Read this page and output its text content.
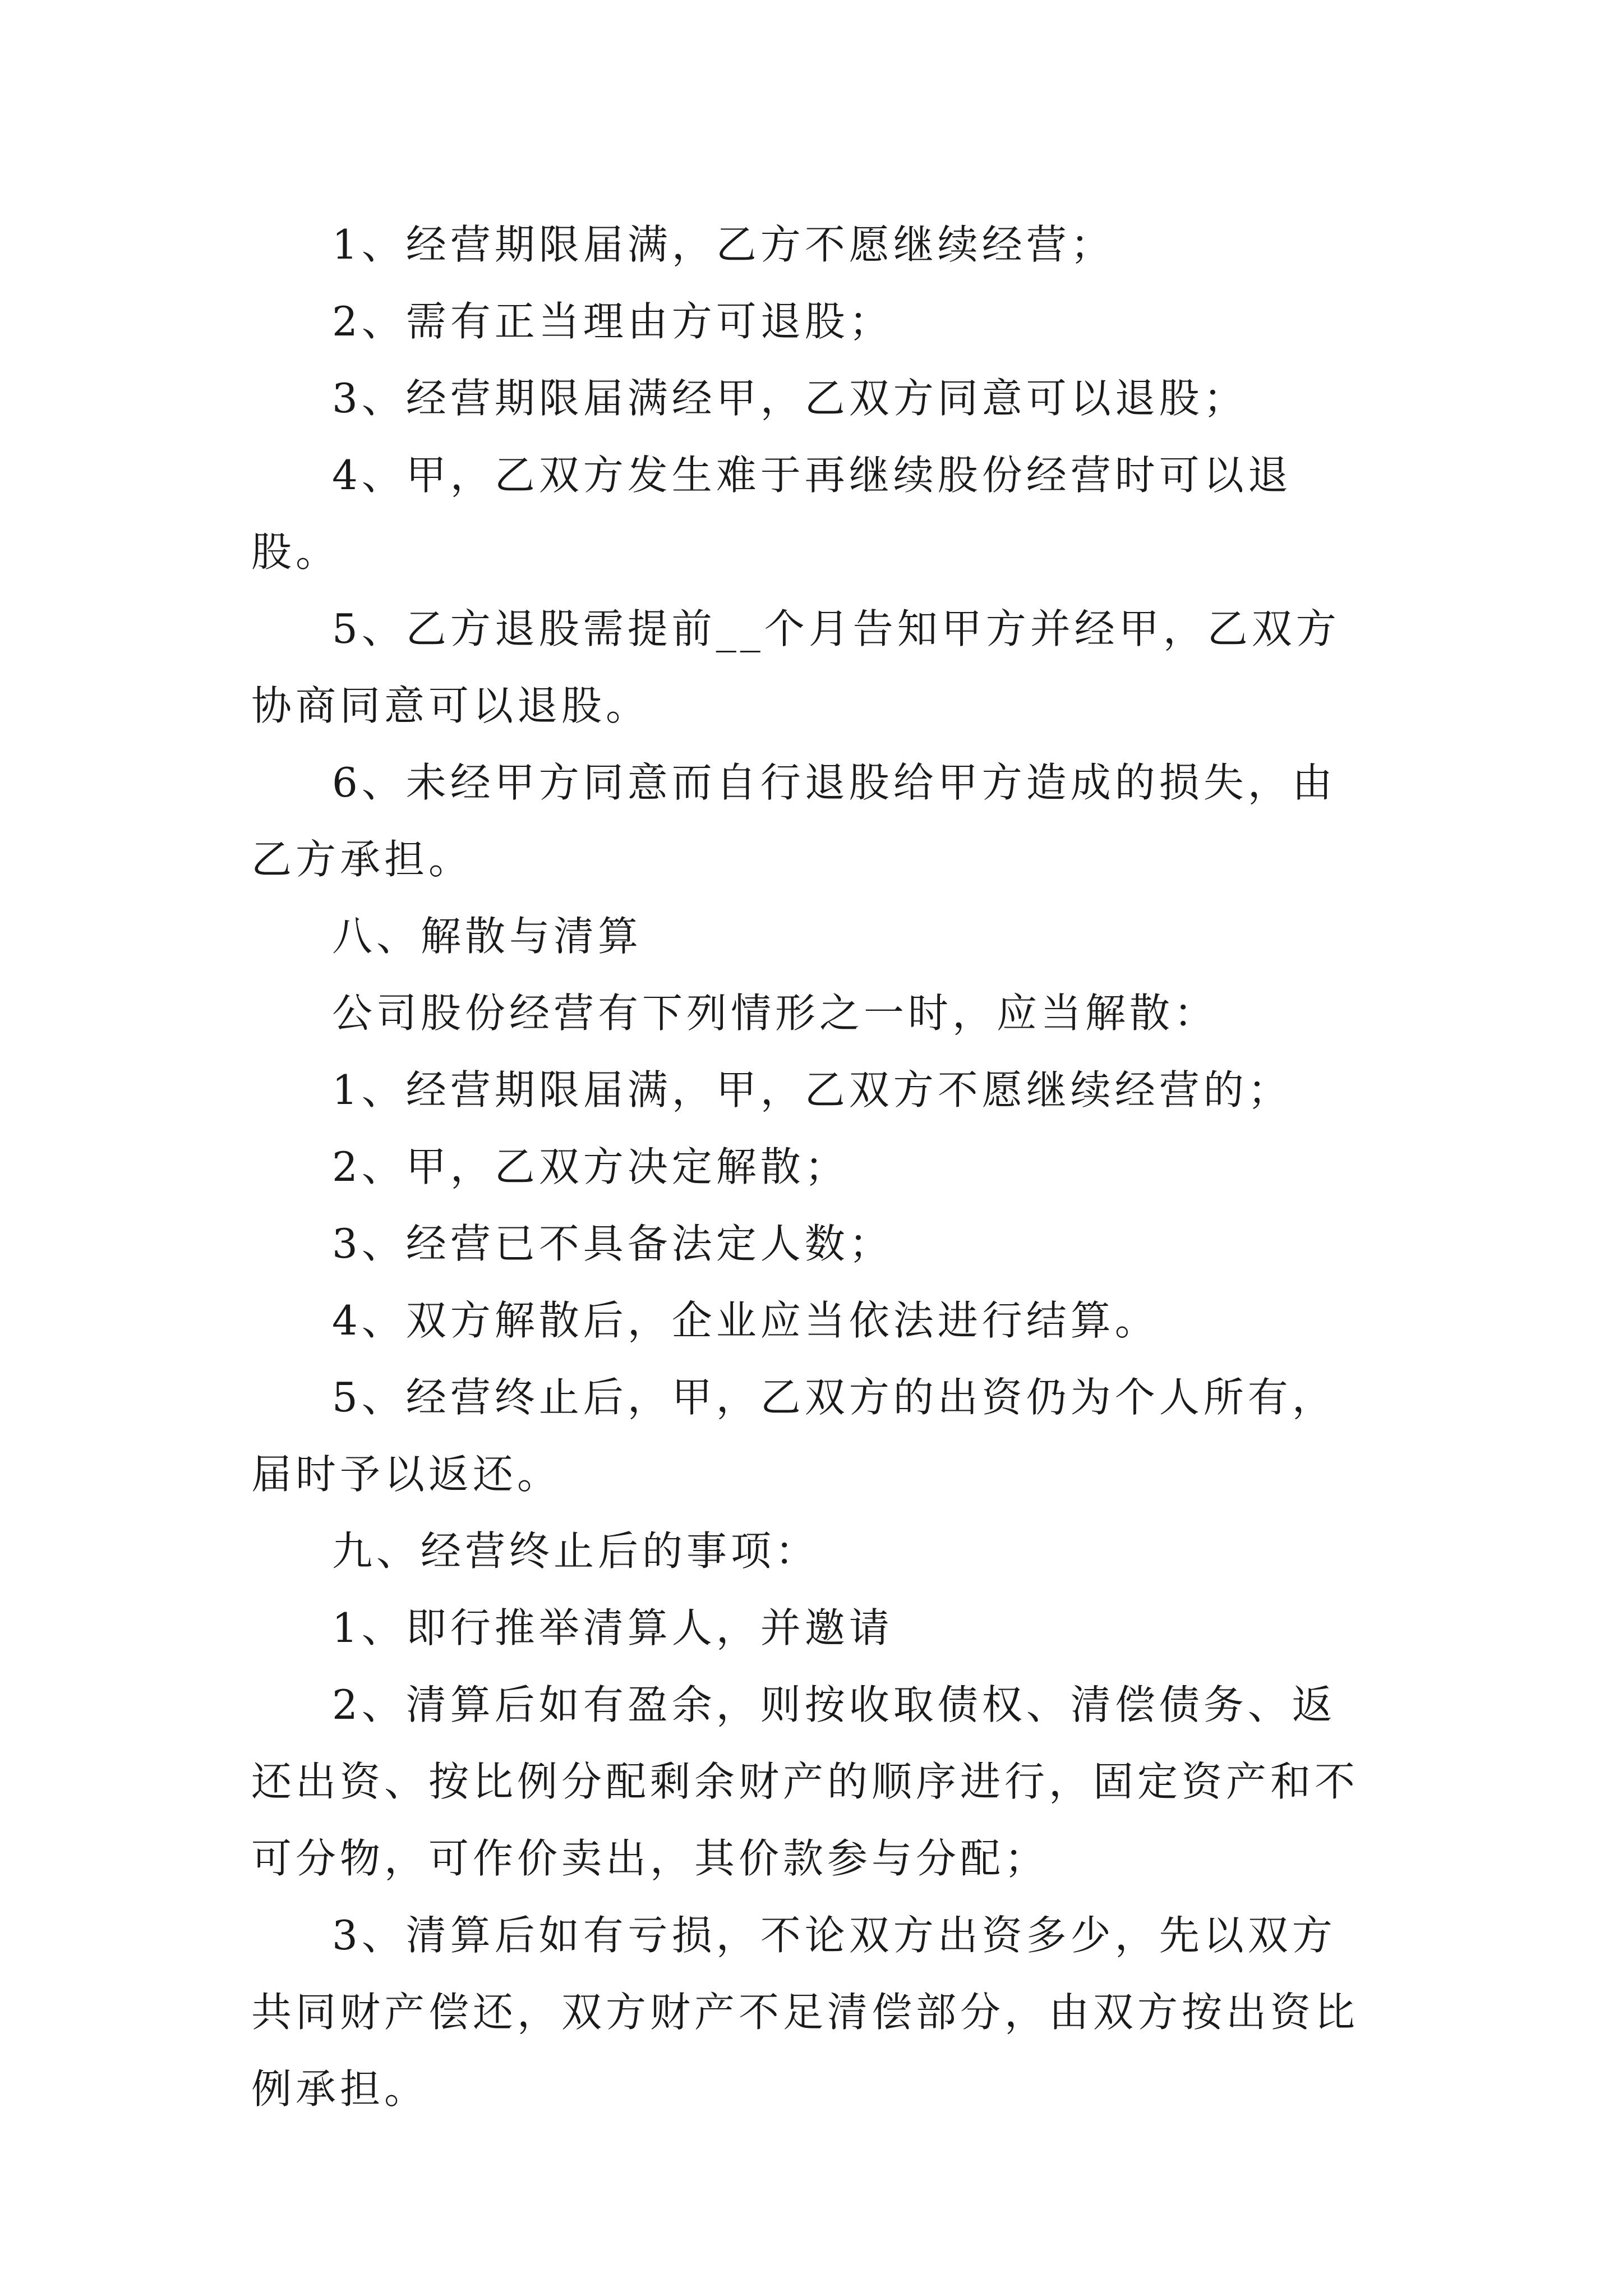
1、经营期限届满，乙方不愿继续经营；

2、需有正当理由方可退股；

3、经营期限届满经甲，乙双方同意可以退股；

4、甲，乙双方发生难于再继续股份经营时可以退股。

5、乙方退股需提前__个月告知甲方并经甲，乙双方协商同意可以退股。

6、未经甲方同意而自行退股给甲方造成的损失，由乙方承担。

八、解散与清算

公司股份经营有下列情形之一时，应当解散：

1、经营期限届满，甲，乙双方不愿继续经营的；

2、甲，乙双方决定解散；

3、经营已不具备法定人数；

4、双方解散后，企业应当依法进行结算。

5、经营终止后，甲，乙双方的出资仍为个人所有，届时予以返还。

九、经营终止后的事项：

1、即行推举清算人，并邀请

2、清算后如有盈余，则按收取债权、清偿债务、返还出资、按比例分配剩余财产的顺序进行，固定资产和不可分物，可作价卖出，其价款参与分配；

3、清算后如有亏损，不论双方出资多少，先以双方共同财产偿还，双方财产不足清偿部分，由双方按出资比例承担。
